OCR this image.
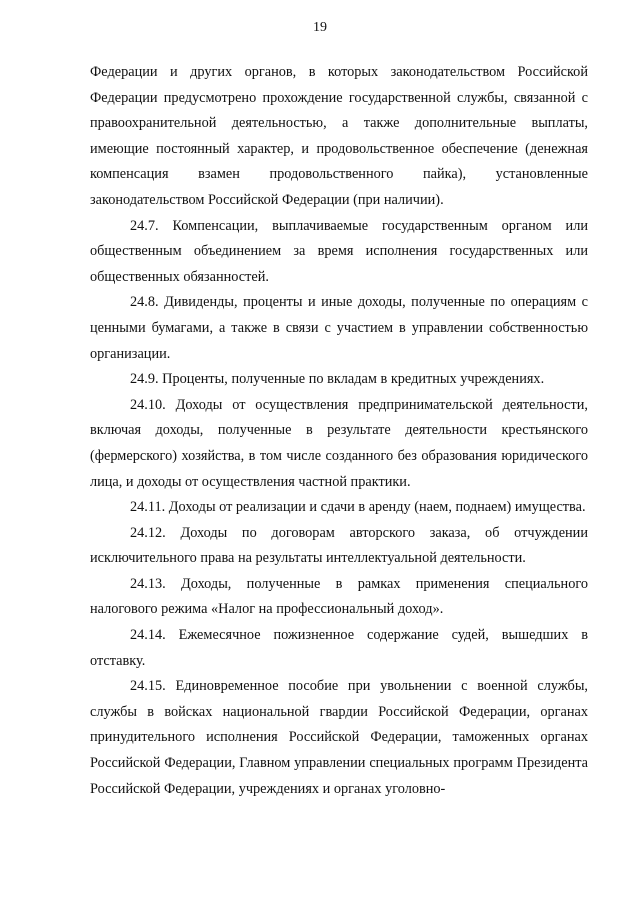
19

Федерации и других органов, в которых законодательством Российской Федерации предусмотрено прохождение государственной службы, связанной с правоохранительной деятельностью, а также дополнительные выплаты, имеющие постоянный характер, и продовольственное обеспечение (денежная компенсация взамен продовольственного пайка), установленные законодательством Российской Федерации (при наличии).

24.7. Компенсации, выплачиваемые государственным органом или общественным объединением за время исполнения государственных или общественных обязанностей.

24.8. Дивиденды, проценты и иные доходы, полученные по операциям с ценными бумагами, а также в связи с участием в управлении собственностью организации.

24.9. Проценты, полученные по вкладам в кредитных учреждениях.

24.10. Доходы от осуществления предпринимательской деятельности, включая доходы, полученные в результате деятельности крестьянского (фермерского) хозяйства, в том числе созданного без образования юридического лица, и доходы от осуществления частной практики.

24.11. Доходы от реализации и сдачи в аренду (наем, поднаем) имущества.

24.12. Доходы по договорам авторского заказа, об отчуждении исключительного права на результаты интеллектуальной деятельности.

24.13. Доходы, полученные в рамках применения специального налогового режима «Налог на профессиональный доход».

24.14. Ежемесячное пожизненное содержание судей, вышедших в отставку.

24.15. Единовременное пособие при увольнении с военной службы, службы в войсках национальной гвардии Российской Федерации, органах принудительного исполнения Российской Федерации, таможенных органах Российской Федерации, Главном управлении специальных программ Президента Российской Федерации, учреждениях и органах уголовно-
